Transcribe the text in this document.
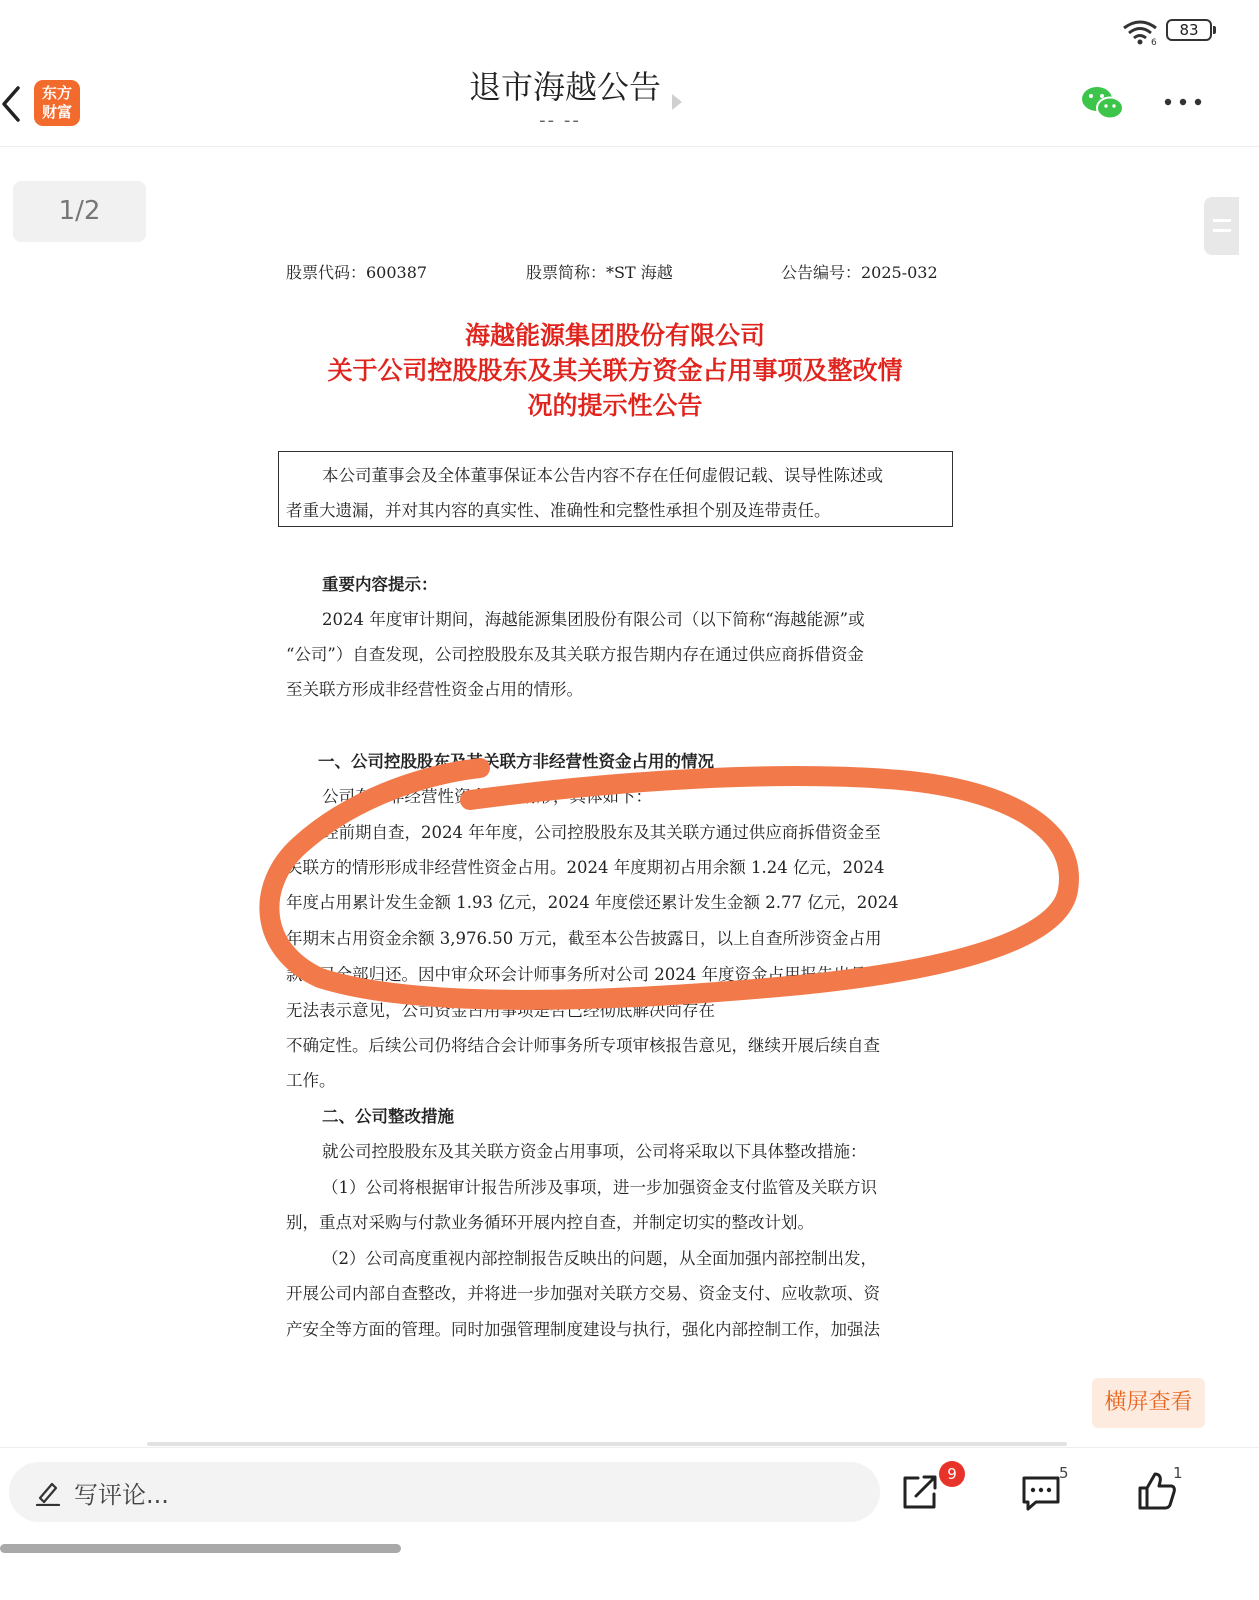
6
83
东方
财富
退市海越公告
-- --
1/2
股票代码：600387	股票简称：*ST 海越	公告编号：2025-032
海越能源集团股份有限公司
关于公司控股股东及其关联方资金占用事项及整改情
况的提示性公告
本公司董事会及全体董事保证本公告内容不存在任何虚假记载、误导性陈述或
者重大遗漏，并对其内容的真实性、准确性和完整性承担个别及连带责任。
重要内容提示：
2024 年度审计期间，海越能源集团股份有限公司（以下简称“海越能源”或
“公司”）自查发现，公司控股股东及其关联方报告期内存在通过供应商拆借资金
至关联方形成非经营性资金占用的情形。
一、公司控股股东及其关联方非经营性资金占用的情况
公司存在非经营性资金占用情形，具体如下：
经前期自查，2024 年年度，公司控股股东及其关联方通过供应商拆借资金至
关联方的情形形成非经营性资金占用。2024 年度期初占用余额 1.24 亿元，2024
年度占用累计发生金额 1.93 亿元，2024 年度偿还累计发生金额 2.77 亿元，2024
年期末占用资金余额 3,976.50 万元，截至本公告披露日，以上自查所涉资金占用
款项已全部归还。因中审众环会计师事务所对公司 2024 年度资金占用报告出具了
无法表示意见，公司资金占用事项是否已经彻底解决尚存在
不确定性。后续公司仍将结合会计师事务所专项审核报告意见，继续开展后续自查
工作。
二、公司整改措施
就公司控股股东及其关联方资金占用事项，公司将采取以下具体整改措施：
（1）公司将根据审计报告所涉及事项，进一步加强资金支付监管及关联方识
别，重点对采购与付款业务循环开展内控自查，并制定切实的整改计划。
（2）公司高度重视内部控制报告反映出的问题，从全面加强内部控制出发，
开展公司内部自查整改，并将进一步加强对关联方交易、资金支付、应收款项、资
产安全等方面的管理。同时加强管理制度建设与执行，强化内部控制工作，加强法
横屏查看
写评论...
9	5	1
